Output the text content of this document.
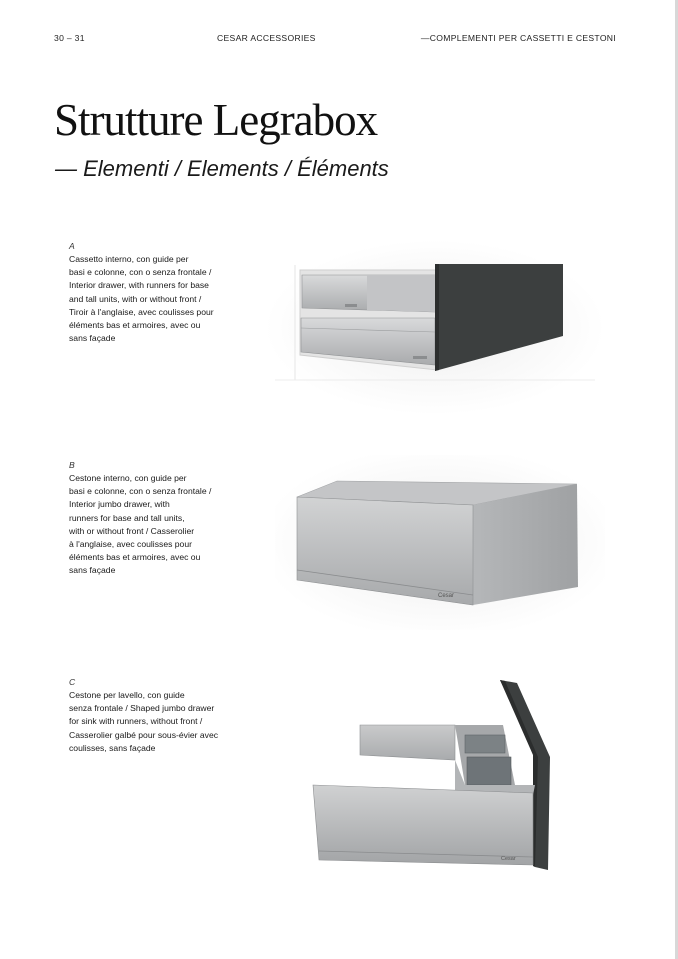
30 – 31	CESAR ACCESSORIES	—COMPLEMENTI PER CASSETTI E CESTONI
Strutture Legrabox
— Elementi / Elements / Éléments
A
Cassetto interno, con guide per
basi e colonne, con o senza frontale /
Interior drawer, with runners for base
and tall units, with or without front /
Tiroir à l'anglaise, avec coulisses pour
éléments bas et armoires, avec ou
sans façade
B
Cestone interno, con guide per
basi e colonne, con o senza frontale /
Interior jumbo drawer, with
runners for base and tall units,
with or without front / Casserolier
à l'anglaise, avec coulisses pour
éléments bas et armoires, avec ou
sans façade
Cesar
C
Cestone per lavello, con guide
senza frontale / Shaped jumbo drawer
for sink with runners, without front /
Casserolier galbé pour sous-évier avec
coulisses, sans façade
Cesar
